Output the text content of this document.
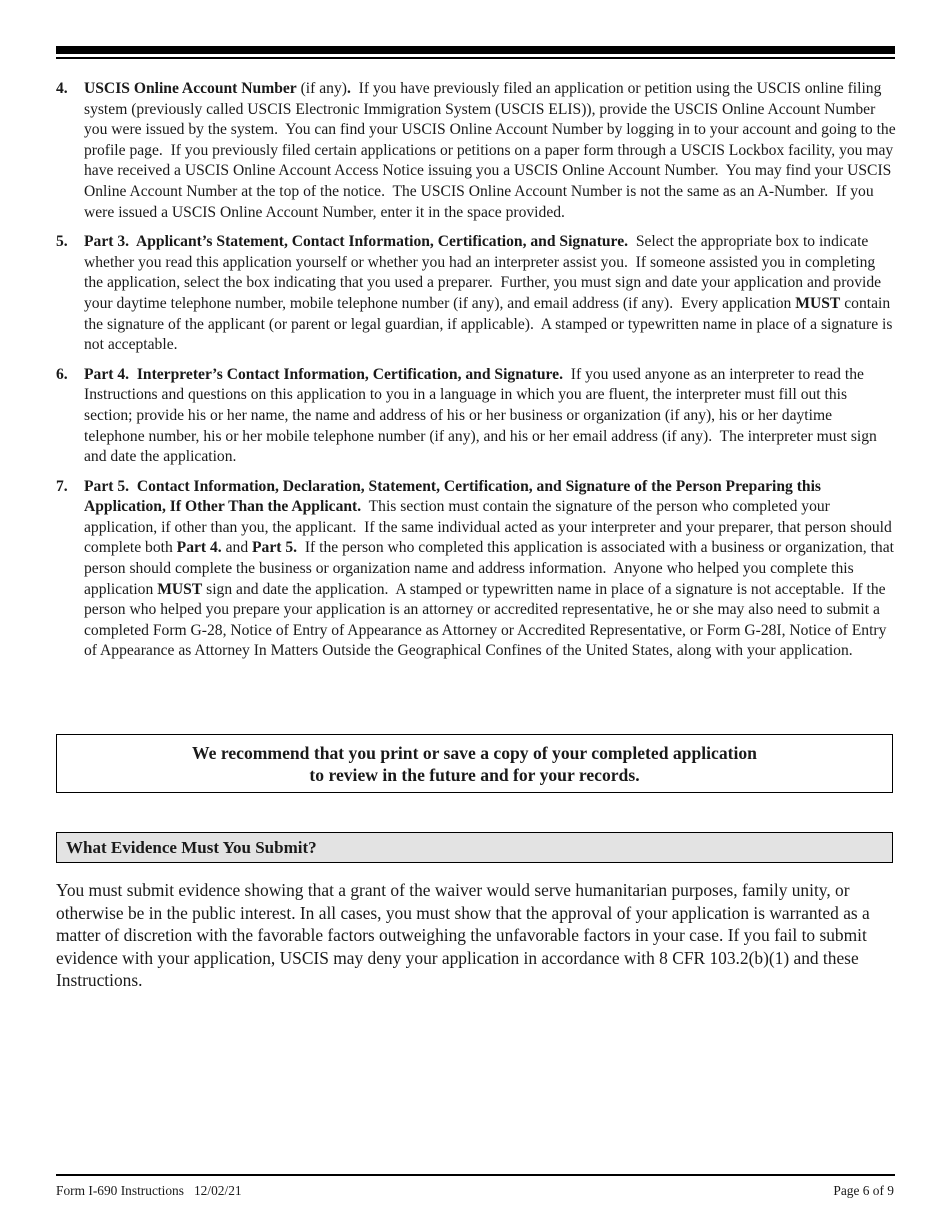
4. USCIS Online Account Number (if any).  If you have previously filed an application or petition using the USCIS online filing system (previously called USCIS Electronic Immigration System (USCIS ELIS)), provide the USCIS Online Account Number you were issued by the system.  You can find your USCIS Online Account Number by logging in to your account and going to the profile page.  If you previously filed certain applications or petitions on a paper form through a USCIS Lockbox facility, you may have received a USCIS Online Account Access Notice issuing you a USCIS Online Account Number.  You may find your USCIS Online Account Number at the top of the notice.  The USCIS Online Account Number is not the same as an A-Number.  If you were issued a USCIS Online Account Number, enter it in the space provided.
5. Part 3.  Applicant’s Statement, Contact Information, Certification, and Signature.  Select the appropriate box to indicate whether you read this application yourself or whether you had an interpreter assist you.  If someone assisted you in completing the application, select the box indicating that you used a preparer.  Further, you must sign and date your application and provide your daytime telephone number, mobile telephone number (if any), and email address (if any).  Every application MUST contain the signature of the applicant (or parent or legal guardian, if applicable).  A stamped or typewritten name in place of a signature is not acceptable.
6. Part 4.  Interpreter’s Contact Information, Certification, and Signature.  If you used anyone as an interpreter to read the Instructions and questions on this application to you in a language in which you are fluent, the interpreter must fill out this section; provide his or her name, the name and address of his or her business or organization (if any), his or her daytime telephone number, his or her mobile telephone number (if any), and his or her email address (if any).  The interpreter must sign and date the application.
7. Part 5.  Contact Information, Declaration, Statement, Certification, and Signature of the Person Preparing this Application, If Other Than the Applicant.  This section must contain the signature of the person who completed your application, if other than you, the applicant.  If the same individual acted as your interpreter and your preparer, that person should complete both Part 4. and Part 5.  If the person who completed this application is associated with a business or organization, that person should complete the business or organization name and address information.  Anyone who helped you complete this application MUST sign and date the application.  A stamped or typewritten name in place of a signature is not acceptable.  If the person who helped you prepare your application is an attorney or accredited representative, he or she may also need to submit a completed Form G-28, Notice of Entry of Appearance as Attorney or Accredited Representative, or Form G-28I, Notice of Entry of Appearance as Attorney In Matters Outside the Geographical Confines of the United States, along with your application.
We recommend that you print or save a copy of your completed application
to review in the future and for your records.
What Evidence Must You Submit?
You must submit evidence showing that a grant of the waiver would serve humanitarian purposes, family unity, or otherwise be in the public interest. In all cases, you must show that the approval of your application is warranted as a matter of discretion with the favorable factors outweighing the unfavorable factors in your case. If you fail to submit evidence with your application, USCIS may deny your application in accordance with 8 CFR 103.2(b)(1) and these Instructions.
Form I-690 Instructions   12/02/21	Page 6 of 9
